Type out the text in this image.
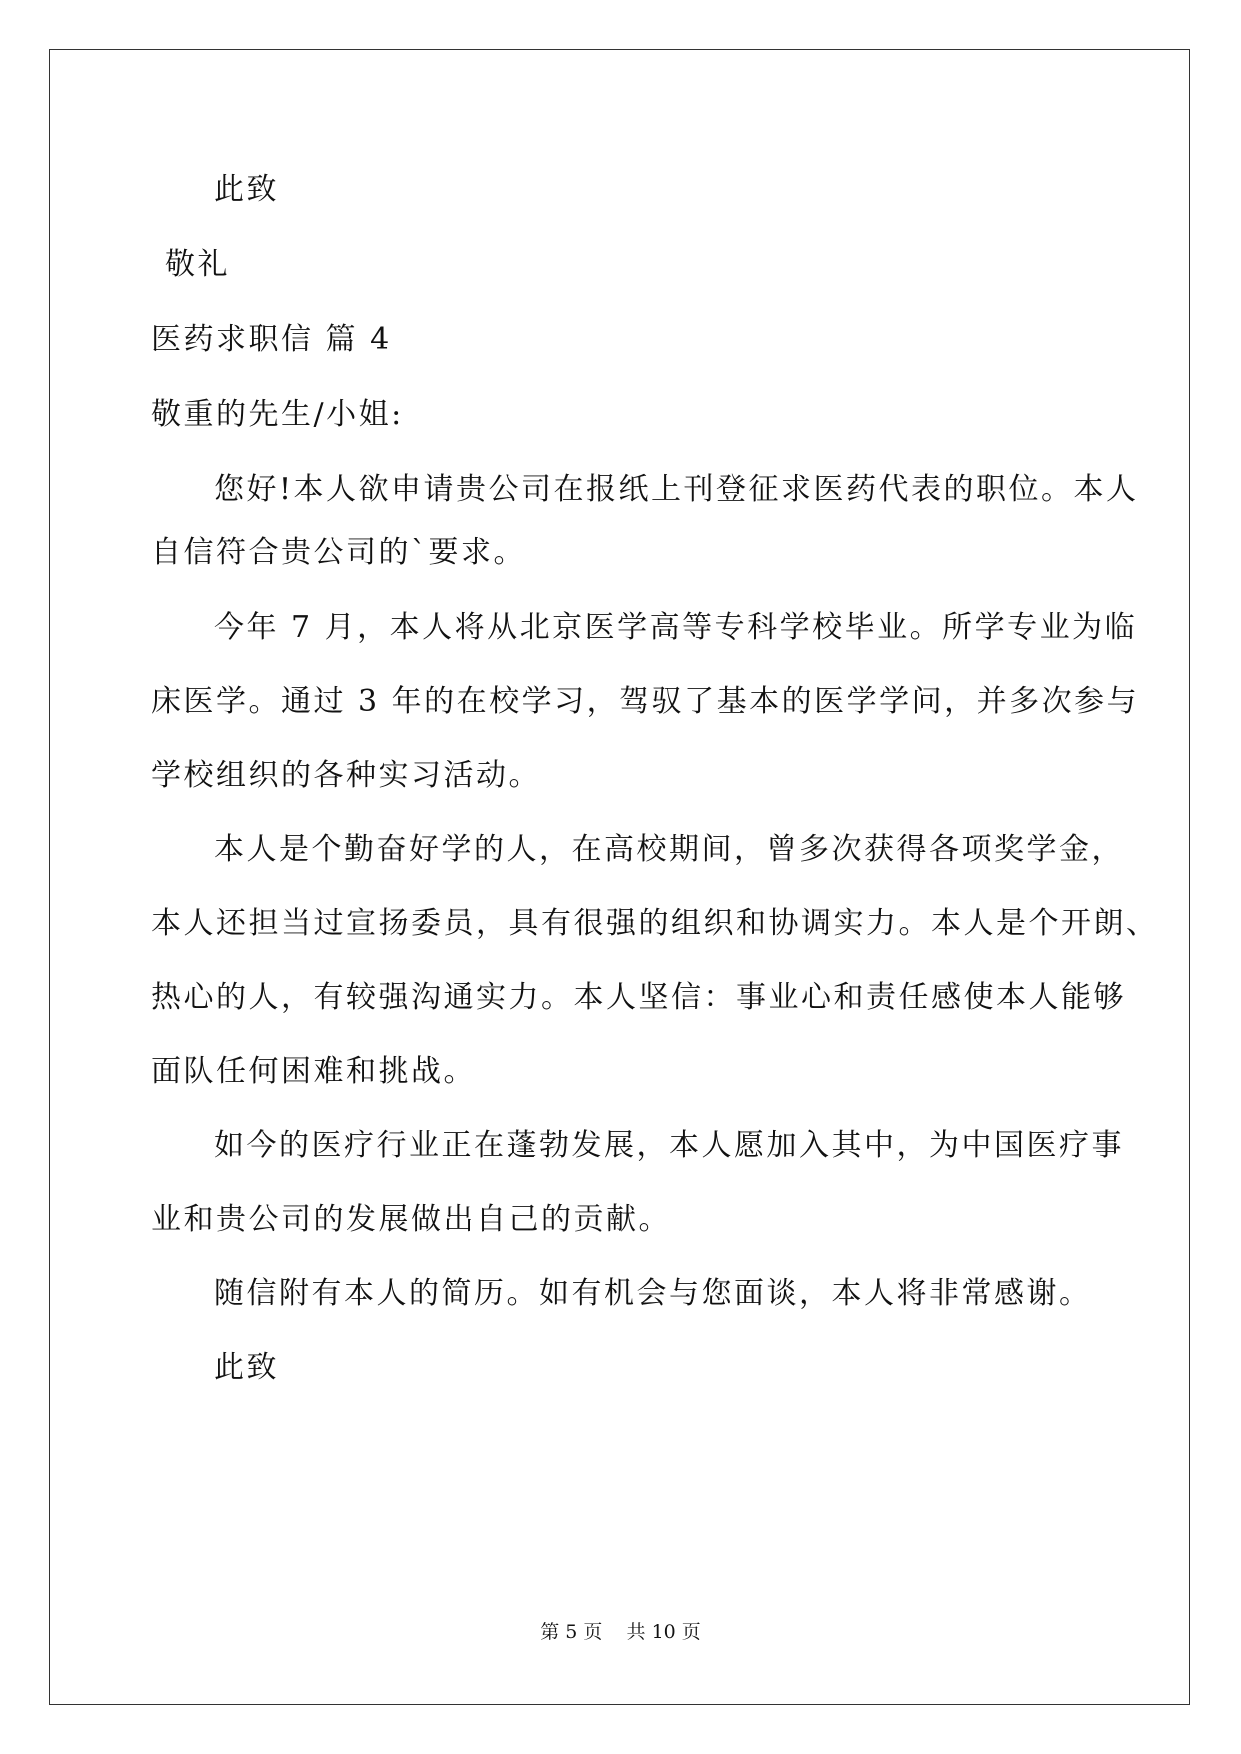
此致
敬礼
医药求职信 篇 4
敬重的先生/小姐:
您好!本人欲申请贵公司在报纸上刊登征求医药代表的职位。本人
自信符合贵公司的`要求。
今年 7 月，本人将从北京医学高等专科学校毕业。所学专业为临
床医学。通过 3 年的在校学习，驾驭了基本的医学学问，并多次参与
学校组织的各种实习活动。
本人是个勤奋好学的人，在高校期间，曾多次获得各项奖学金，
本人还担当过宣扬委员，具有很强的组织和协调实力。本人是个开朗、
热心的人，有较强沟通实力。本人坚信：事业心和责任感使本人能够
面队任何困难和挑战。
如今的医疗行业正在蓬勃发展，本人愿加入其中，为中国医疗事
业和贵公司的发展做出自己的贡献。
随信附有本人的简历。如有机会与您面谈，本人将非常感谢。
此致
第 5 页    共 10 页
